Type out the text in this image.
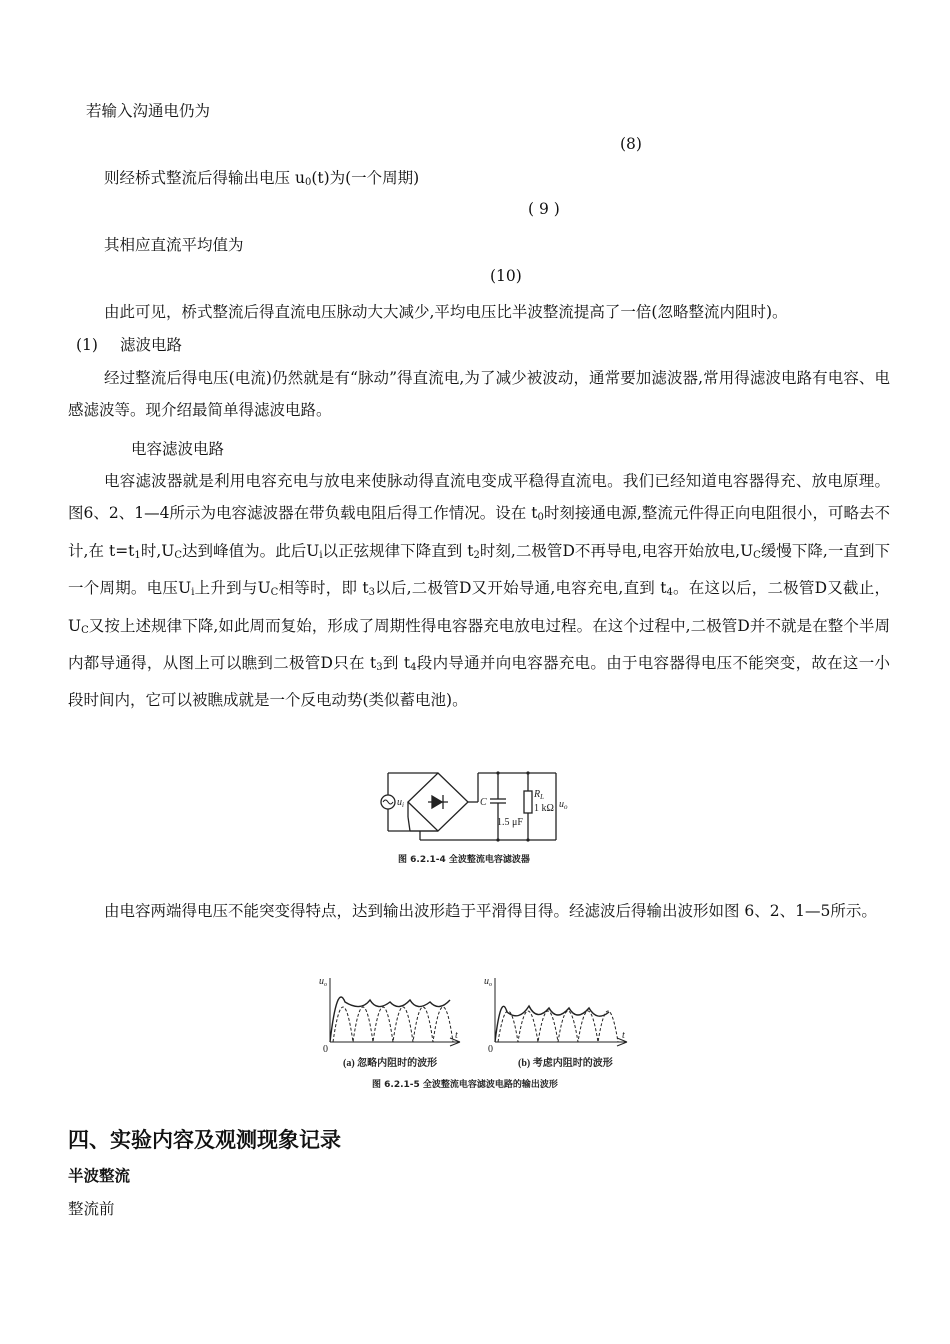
若输入沟通电仍为
(8)
则经桥式整流后得输出电压 $u_0(t)$为(一个周期)
( 9 )
其相应直流平均值为
(10)
由此可见，桥式整流后得直流电压脉动大大减少,平均电压比半波整流提高了一倍(忽略整流内阻时)。
(1) 滤波电路
经过整流后得电压(电流)仍然就是有“脉动”得直流电,为了减少被波动，通常要加滤波器,常用得滤波电路有电容、电感滤波等。现介绍最简单得滤波电路。
电容滤波电路
电容滤波器就是利用电容充电与放电来使脉动得直流电变成平稳得直流电。我们已经知道电容器得充、放电原理。图6、2、1—4所示为电容滤波器在带负载电阻后得工作情况。设在 $t_0$时刻接通电源,整流元件得正向电阻很小，可略去不计,在 $t=t_1$时$,U_C$达到峰值为。此后$U_i$以正弦规律下降直到 $t_2$时刻,二极管D不再导电,电容开始放电$,U_C$缓慢下降,一直到下一个周期。电压$U_i$上升到与$U_C$相等时，即 $t_3$以后,二极管D又开始导通,电容充电,直到 $t_4$。在这以后，二极管D又截止，$U_C$又按上述规律下降,如此周而复始，形成了周期性得电容器充电放电过程。在这个过程中,二极管D并不就是在整个半周内都导通得，从图上可以瞧到二极管D只在 $t_3$到 $t_4$段内导通并向电容器充电。由于电容器得电压不能突变，故在这一小段时间内，它可以被瞧成就是一个反电动势(类似蓄电池)。
$u_i$	C
1.5 μF
$R_L$
1 kΩ $u_o$
图 6.2.1-4 全波整流电容滤波器
由电容两端得电压不能突变得特点，达到输出波形趋于平滑得目得。经滤波后得输出波形如图 6、2、1—5所示。
$u_o$
0
t
(a) 忽略内阻时的波形
$u_o$
0
t
(b) 考虑内阻时的波形
图 6.2.1-5 全波整流电容滤波电路的输出波形
四、实验内容及观测现象记录
半波整流
整流前
